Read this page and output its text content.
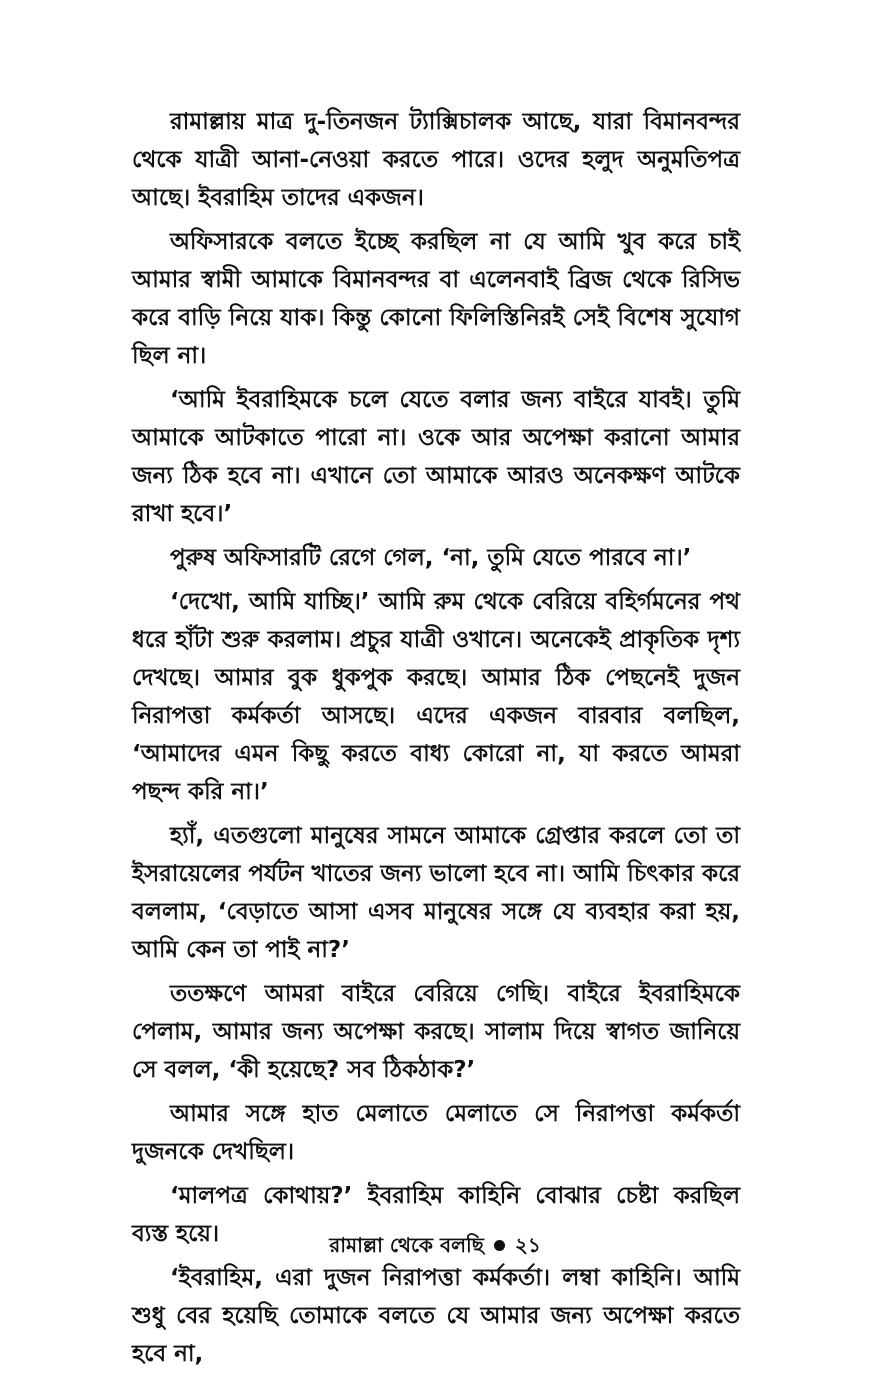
রামাল্লায় মাত্র দু-তিনজন ট্যাক্সিচালক আছে, যারা বিমানবন্দর থেকে যাত্রী আনা-নেওয়া করতে পারে। ওদের হলুদ অনুমতিপত্র আছে। ইবরাহিম তাদের একজন।

অফিসারকে বলতে ইচ্ছে করছিল না যে আমি খুব করে চাই আমার স্বামী আমাকে বিমানবন্দর বা এলেনবাই ব্রিজ থেকে রিসিভ করে বাড়ি নিয়ে যাক। কিন্তু কোনো ফিলিস্তিনিরই সেই বিশেষ সুযোগ ছিল না।

‘আমি ইবরাহিমকে চলে যেতে বলার জন্য বাইরে যাবই। তুমি আমাকে আটকাতে পারো না। ওকে আর অপেক্ষা করানো আমার জন্য ঠিক হবে না। এখানে তো আমাকে আরও অনেকক্ষণ আটকে রাখা হবে।’

পুরুষ অফিসারটি রেগে গেল, ‘না, তুমি যেতে পারবে না।’

‘দেখো, আমি যাচ্ছি।’ আমি রুম থেকে বেরিয়ে বহির্গমনের পথ ধরে হাঁটা শুরু করলাম। প্রচুর যাত্রী ওখানে। অনেকেই প্রাকৃতিক দৃশ্য দেখছে। আমার বুক ধুকপুক করছে। আমার ঠিক পেছনেই দুজন নিরাপত্তা কর্মকর্তা আসছে। এদের একজন বারবার বলছিল, ‘আমাদের এমন কিছু করতে বাধ্য কোরো না, যা করতে আমরা পছন্দ করি না।’

হ্যাঁ, এতগুলো মানুষের সামনে আমাকে গ্রেপ্তার করলে তো তা ইসরায়েলের পর্যটন খাতের জন্য ভালো হবে না। আমি চিৎকার করে বললাম, ‘বেড়াতে আসা এসব মানুষের সঙ্গে যে ব্যবহার করা হয়, আমি কেন তা পাই না?’

ততক্ষণে আমরা বাইরে বেরিয়ে গেছি। বাইরে ইবরাহিমকে পেলাম, আমার জন্য অপেক্ষা করছে। সালাম দিয়ে স্বাগত জানিয়ে সে বলল, ‘কী হয়েছে? সব ঠিকঠাক?’

আমার সঙ্গে হাত মেলাতে মেলাতে সে নিরাপত্তা কর্মকর্তা দুজনকে দেখছিল।

‘মালপত্র কোথায়?’ ইবরাহিম কাহিনি বোঝার চেষ্টা করছিল ব্যস্ত হয়ে।

‘ইবরাহিম, এরা দুজন নিরাপত্তা কর্মকর্তা। লম্বা কাহিনি। আমি শুধু বের হয়েছি তোমাকে বলতে যে আমার জন্য অপেক্ষা করতে হবে না,

রামাল্লা থেকে বলছি ২১
